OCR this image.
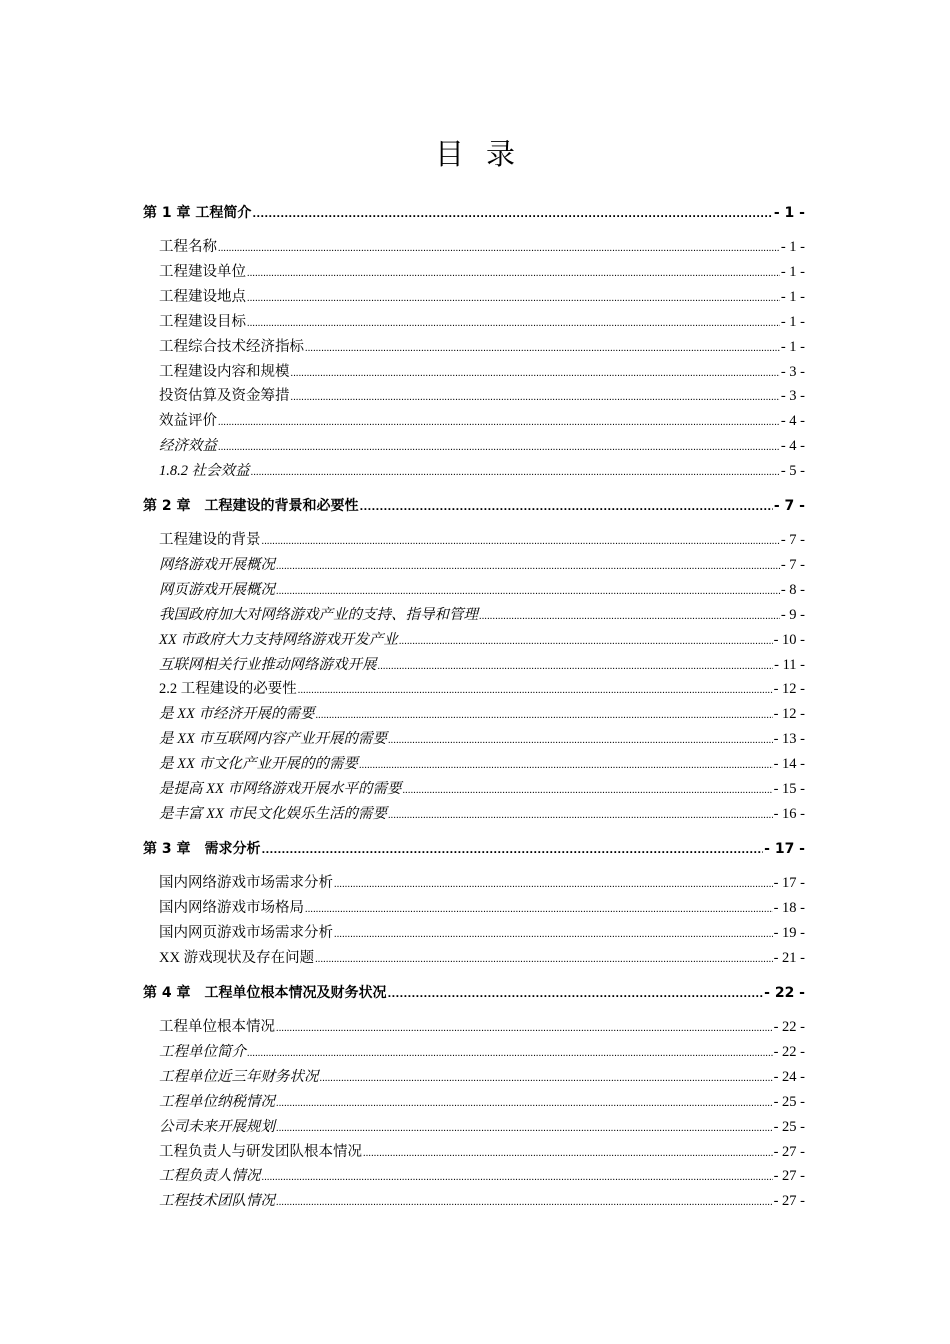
目录
第 1 章 工程简介 .....	- 1 -
工程名称 .....	- 1 -
工程建设单位 .....	- 1 -
工程建设地点 .....	- 1 -
工程建设目标 .....	- 1 -
工程综合技术经济指标 .....	- 1 -
工程建设内容和规模 .....	- 3 -
投资估算及资金筹措 .....	- 3 -
效益评价 .....	- 4 -
经济效益 .....	- 4 -
1.8.2 社会效益 .....	- 5 -
第 2 章　工程建设的背景和必要性 .....	- 7 -
工程建设的背景 .....	- 7 -
网络游戏开展概况 .....	- 7 -
网页游戏开展概况 .....	- 8 -
我国政府加大对网络游戏产业的支持、指导和管理 .....	- 9 -
XX 市政府大力支持网络游戏开发产业 .....	- 10 -
互联网相关行业推动网络游戏开展 .....	- 11 -
2.2 工程建设的必要性 .....	- 12 -
是 XX 市经济开展的需要 .....	- 12 -
是 XX 市互联网内容产业开展的需要 .....	- 13 -
是 XX 市文化产业开展的的需要 .....	- 14 -
是提高 XX 市网络游戏开展水平的需要 .....	- 15 -
是丰富 XX 市民文化娱乐生活的需要 .....	- 16 -
第 3 章　需求分析 .....	- 17 -
国内网络游戏市场需求分析 .....	- 17 -
国内网络游戏市场格局 .....	- 18 -
国内网页游戏市场需求分析 .....	- 19 -
XX 游戏现状及存在问题 .....	- 21 -
第 4 章　工程单位根本情况及财务状况 .....	- 22 -
工程单位根本情况 .....	- 22 -
工程单位简介 .....	- 22 -
工程单位近三年财务状况 .....	- 24 -
工程单位纳税情况 .....	- 25 -
公司未来开展规划 .....	- 25 -
工程负责人与研发团队根本情况 .....	- 27 -
工程负责人情况 .....	- 27 -
工程技术团队情况 .....	- 27 -
